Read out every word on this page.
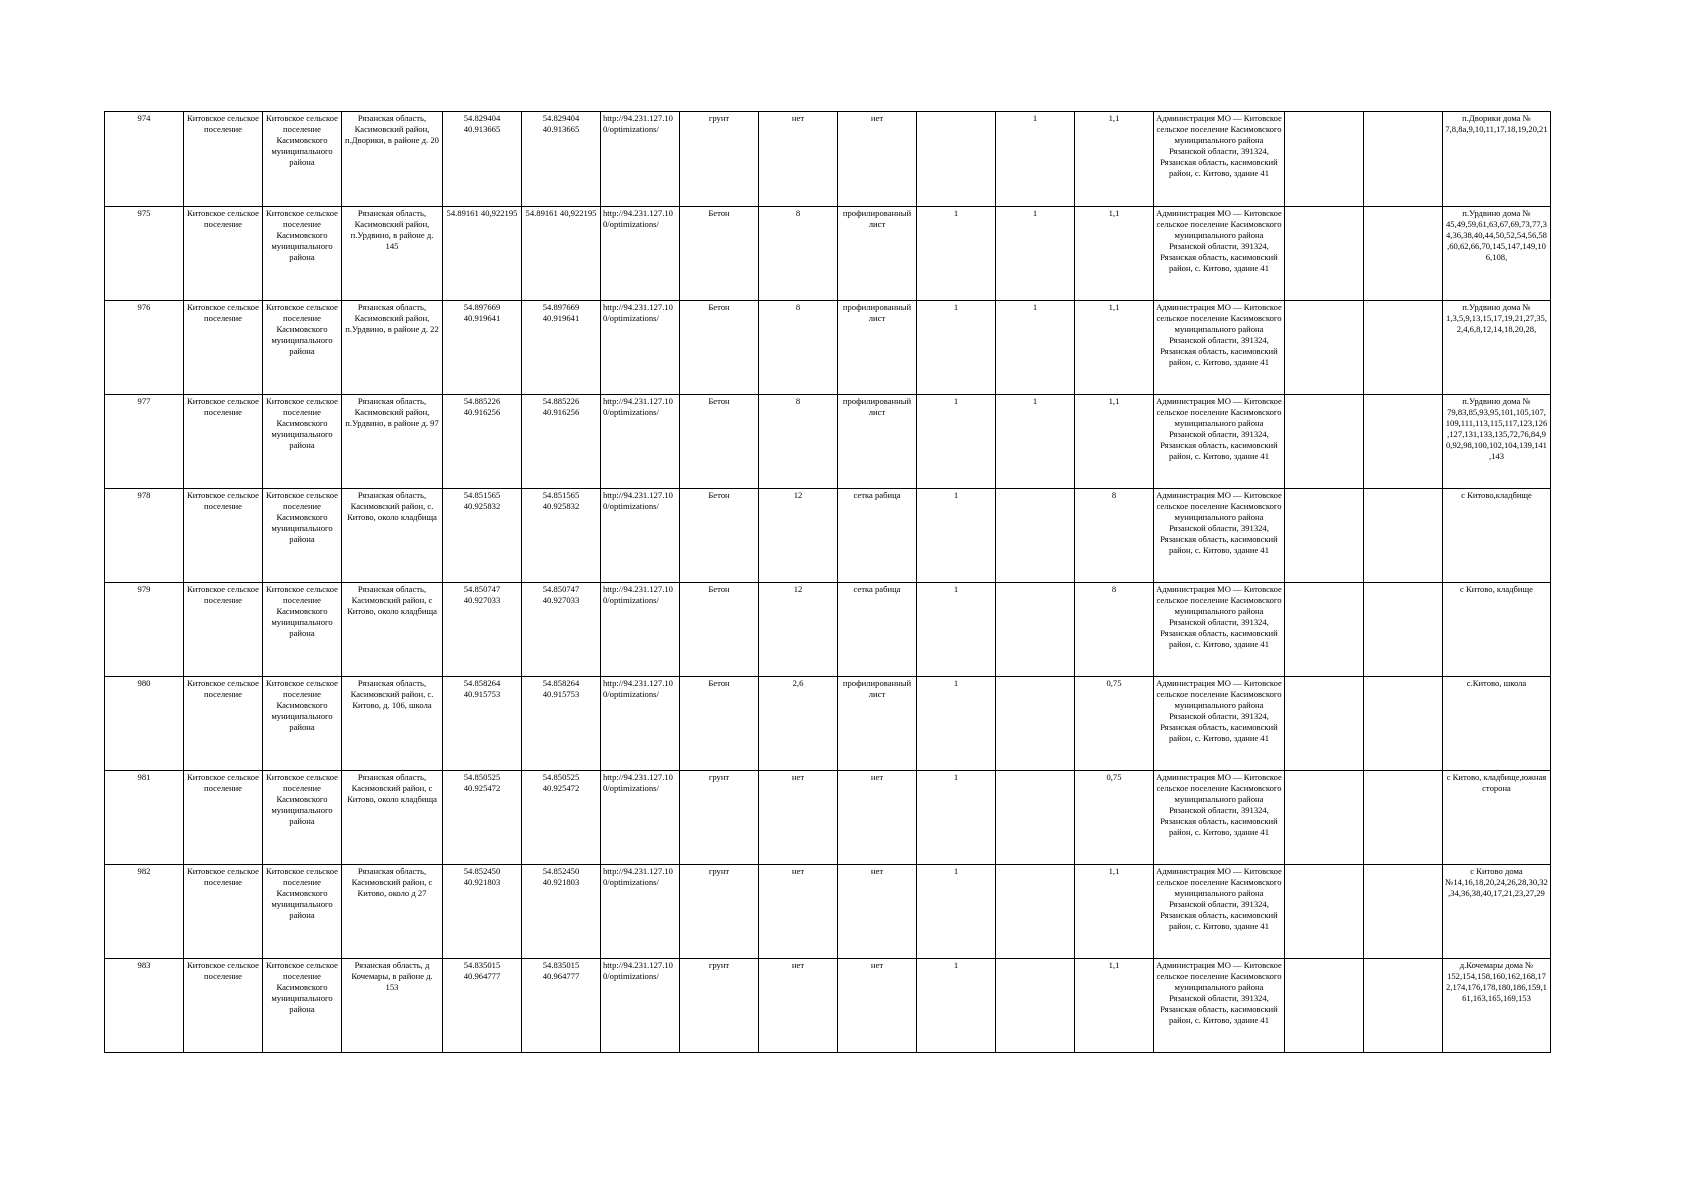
974	Китовское сельское поселение	Китовское сельское поселение Касимовского муниципального района	Рязанская область, Касимовский район, п.Дворики, в районе д. 20	54.829404 40.913665	54.829404 40.913665	http://94.231.127.100/optimizations/	грунт	нет	нет		1	1,1	Администрация МО — Китовское сельское поселение Касимовского муниципального района Рязанской области, 391324, Рязанская область, касимовский район, с. Китово, здание 41			п.Дворики дома № 7,8,8а,9,10,11,17,18,19,20,21
975	Китовское сельское поселение	Китовское сельское поселение Касимовского муниципального района	Рязанская область, Касимовский район, п.Урдвино, в районе д. 145	54.89161 40,922195	54.89161 40,922195	http://94.231.127.100/optimizations/	Бетон	8	профилированный лист	1	1	1,1	Администрация МО — Китовское сельское поселение Касимовского муниципального района Рязанской области, 391324, Рязанская область, касимовский район, с. Китово, здание 41			п.Урдвино дома № 45,49,59,61,63,67,69,73,77,34,36,38,40,44,50,52,54,56,58,60,62,66,70,145,147,149,106,108,
976	Китовское сельское поселение	Китовское сельское поселение Касимовского муниципального района	Рязанская область, Касимовский район, п.Урдвино, в районе д. 22	54.897669 40.919641	54.897669 40.919641	http://94.231.127.100/optimizations/	Бетон	8	профилированный лист	1	1	1,1	Администрация МО — Китовское сельское поселение Касимовского муниципального района Рязанской области, 391324, Рязанская область, касимовский район, с. Китово, здание 41			п.Урдвино дома № 1,3,5,9,13,15,17,19,21,27,35,2,4,6,8,12,14,18,20,28,
977	Китовское сельское поселение	Китовское сельское поселение Касимовского муниципального района	Рязанская область, Касимовский район, п.Урдвино, в районе д. 97	54.885226 40.916256	54.885226 40.916256	http://94.231.127.100/optimizations/	Бетон	8	профилированный лист	1	1	1,1	Администрация МО — Китовское сельское поселение Касимовского муниципального района Рязанской области, 391324, Рязанская область, касимовский район, с. Китово, здание 41			п.Урдвино дома № 79,83,85,93,95,101,105,107,109,111,113,115,117,123,126,127,131,133,135,72,76,84,90,92,98,100,102,104,139,141,143
978	Китовское сельское поселение	Китовское сельское поселение Касимовского муниципального района	Рязанская область, Касимовский район, с. Китово, около кладбища	54.851565 40.925832	54.851565 40.925832	http://94.231.127.100/optimizations/	Бетон	12	сетка рабица	1		8	Администрация МО — Китовское сельское поселение Касимовского муниципального района Рязанской области, 391324, Рязанская область, касимовский район, с. Китово, здание 41			с Китово,кладбище
979	Китовское сельское поселение	Китовское сельское поселение Касимовского муниципального района	Рязанская область, Касимовский район, с Китово, около кладбища	54.850747 40.927033	54.850747 40.927033	http://94.231.127.100/optimizations/	Бетон	12	сетка рабица	1		8	Администрация МО — Китовское сельское поселение Касимовского муниципального района Рязанской области, 391324, Рязанская область, касимовский район, с. Китово, здание 41			с Китово, кладбище
980	Китовское сельское поселение	Китовское сельское поселение Касимовского муниципального района	Рязанская область, Касимовский район, с. Китово, д. 106, школа	54.858264 40.915753	54.858264 40.915753	http://94.231.127.100/optimizations/	Бетон	2,6	профилированный лист	1		0,75	Администрация МО — Китовское сельское поселение Касимовского муниципального района Рязанской области, 391324, Рязанская область, касимовский район, с. Китово, здание 41			с.Китово, школа
981	Китовское сельское поселение	Китовское сельское поселение Касимовского муниципального района	Рязанская область, Касимовский район, с Китово, около кладбища	54.850525 40.925472	54.850525 40.925472	http://94.231.127.100/optimizations/	грунт	нет	нет	1		0,75	Администрация МО — Китовское сельское поселение Касимовского муниципального района Рязанской области, 391324, Рязанская область, касимовский район, с. Китово, здание 41			с Китово, кладбище,южная сторона
982	Китовское сельское поселение	Китовское сельское поселение Касимовского муниципального района	Рязанская область, Касимовский район, с Китово, около д 27	54.852450 40.921803	54.852450 40.921803	http://94.231.127.100/optimizations/	грунт	нет	нет	1		1,1	Администрация МО — Китовское сельское поселение Касимовского муниципального района Рязанской области, 391324, Рязанская область, касимовский район, с. Китово, здание 41			с Китово дома №14,16,18,20,24,26,28,30,32,34,36,38,40,17,21,23,27,29
983	Китовское сельское поселение	Китовское сельское поселение Касимовского муниципального района	Рязанская область, д Кочемары, в районе д. 153	54.835015 40.964777	54.835015 40.964777	http://94.231.127.100/optimizations/	грунт	нет	нет	1		1,1	Администрация МО — Китовское сельское поселение Касимовского муниципального района Рязанской области, 391324, Рязанская область, касимовский район, с. Китово, здание 41			д.Кочемары дома № 152,154,158,160,162,168,172,174,176,178,180,186,159,161,163,165,169,153
